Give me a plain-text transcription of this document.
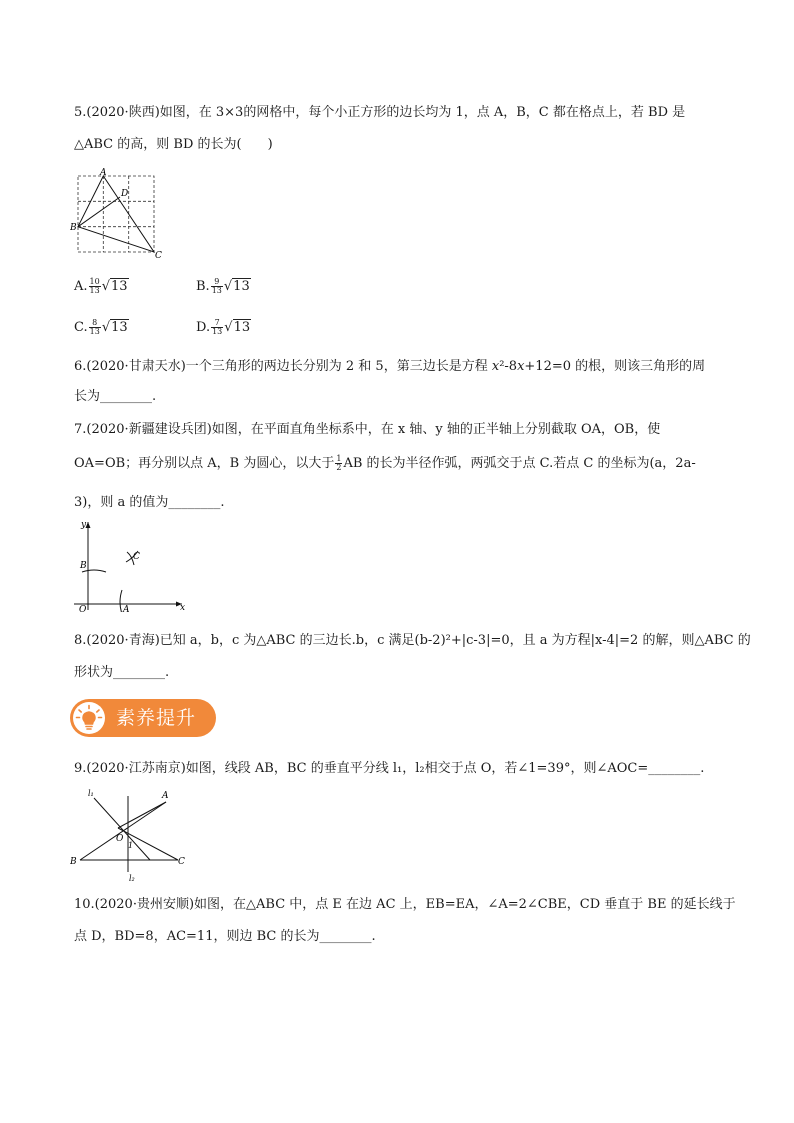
5.(2020·陕西)如图，在 3×3的网格中，每个小正方形的边长均为 1，点 A，B，C 都在格点上，若 BD 是
△ABC 的高，则 BD 的长为(　　)
A
B
C
D
A. $\frac{10}{13} √13$	B. $\frac{9}{13} √13$
C. $\frac{8}{13} √13$	D. $\frac{7}{13} √13$
6.(2020·甘肃天水)一个三角形的两边长分别为 2 和 5，第三边长是方程 x²-8x+12=0 的根，则该三角形的周
长为________.
7.(2020·新疆建设兵团)如图，在平面直角坐标系中，在 x 轴、y 轴的正半轴上分别截取 OA，OB，使
OA=OB；再分别以点 A，B 为圆心，以大于 $\frac{1}{2}$ AB 的长为半径作弧，两弧交于点 C.若点 C 的坐标为(a，2a-
3)，则 a 的值为________.
x
y
O	A
B
C
8.(2020·青海)已知 a，b，c 为△ABC 的三边长.b，c 满足(b-2)²+|c-3|=0，且 a 为方程|x-4|=2 的解，则△ABC 的
形状为________.
素养提升
9.(2020·江苏南京)如图，线段 AB，BC 的垂直平分线 l₁，l₂相交于点 O，若∠1=39°，则∠AOC=________.
B	C
A
O
1
l₁
l₂
10.(2020·贵州安顺)如图，在△ABC 中，点 E 在边 AC 上，EB=EA，∠A=2∠CBE，CD 垂直于 BE 的延长线于
点 D，BD=8，AC=11，则边 BC 的长为________.
